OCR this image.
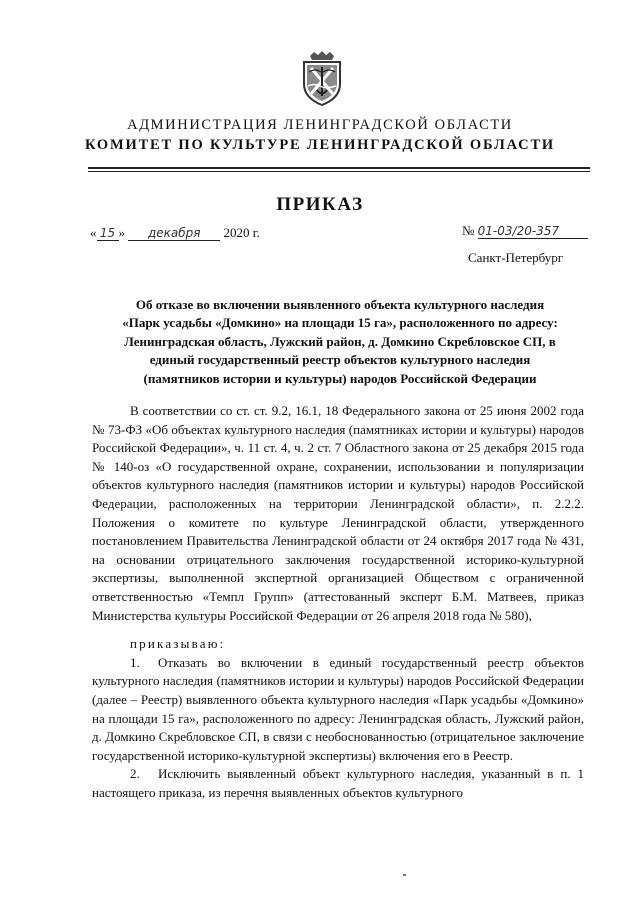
АДМИНИСТРАЦИЯ ЛЕНИНГРАДСКОЙ ОБЛАСТИ
КОМИТЕТ ПО КУЛЬТУРЕ ЛЕНИНГРАДСКОЙ ОБЛАСТИ
ПРИКАЗ
« 15 » декабря 2020 г.	№ 01-03/20-357
Санкт-Петербург
Об отказе во включении выявленного объекта культурного наследия
«Парк усадьбы «Домкино» на площади 15 га», расположенного по адресу:
Ленинградская область, Лужский район, д. Домкино Скребловское СП, в
единый государственный реестр объектов культурного наследия
(памятников истории и культуры) народов Российской Федерации

В соответствии со ст. ст. 9.2, 16.1, 18 Федерального закона от 25 июня 2002 года № 73-ФЗ «Об объектах культурного наследия (памятниках истории и культуры) народов Российской Федерации», ч. 11 ст. 4, ч. 2 ст. 7 Областного закона от 25 декабря 2015 года № 140-оз «О государственной охране, сохранении, использовании и популяризации объектов культурного наследия (памятников истории и культуры) народов Российской Федерации, расположенных на территории Ленинградской области», п. 2.2.2. Положения о комитете по культуре Ленинградской области, утвержденного постановлением Правительства Ленинградской области от 24 октября 2017 года № 431, на основании отрицательного заключения государственной историко-культурной экспертизы, выполненной экспертной организацией Обществом с ограниченной ответственностью «Темпл Групп» (аттестованный эксперт Б.М. Матвеев, приказ Министерства культуры Российской Федерации от 26 апреля 2018 года № 580),

приказываю:

1. Отказать во включении в единый государственный реестр объектов культурного наследия (памятников истории и культуры) народов Российской Федерации (далее – Реестр) выявленного объекта культурного наследия «Парк усадьбы «Домкино» на площади 15 га», расположенного по адресу: Ленинградская область, Лужский район, д. Домкино Скребловское СП, в связи с необоснованностью (отрицательное заключение государственной историко-культурной экспертизы) включения его в Реестр.

2. Исключить выявленный объект культурного наследия, указанный в п. 1 настоящего приказа, из перечня выявленных объектов культурного
